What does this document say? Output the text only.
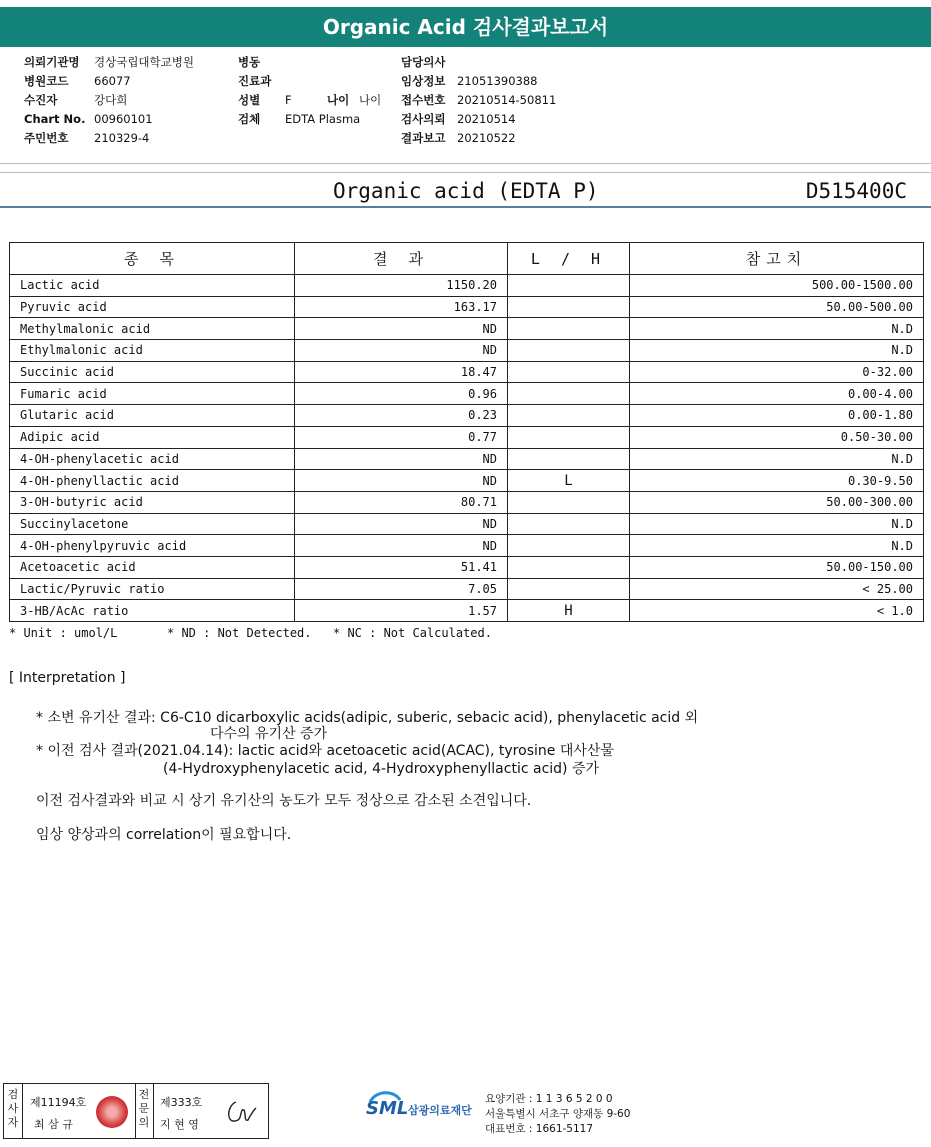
Organic Acid 검사결과보고서
의뢰기관명 경상국립대학교병원
병원코드 66077
수진자	강다희
Chart No. 00960101
주민번호 210329-4
병동
진료과
성별 F	나이 나이
검체 EDTA Plasma
담당의사
임상정보 21051390388
접수번호 20210514-50811
검사의뢰 20210514
결과보고 20210522
Organic acid (EDTA P)	D515400C
종 목	결 과	L / H	참고치
Lactic acid	1150.20		500.00-1500.00
Pyruvic acid	163.17		50.00-500.00
Methylmalonic acid	ND		N.D
Ethylmalonic acid	ND		N.D
Succinic acid	18.47		0-32.00
Fumaric acid	0.96		0.00-4.00
Glutaric acid	0.23		0.00-1.80
Adipic acid	0.77		0.50-30.00
4-OH-phenylacetic acid	ND		N.D
4-OH-phenyllactic acid	ND	L	0.30-9.50
3-OH-butyric acid	80.71		50.00-300.00
Succinylacetone	ND		N.D
4-OH-phenylpyruvic acid	ND		N.D
Acetoacetic acid	51.41		50.00-150.00
Lactic/Pyruvic ratio	7.05		< 25.00
3-HB/AcAc ratio	1.57	H	< 1.0
* Unit : umol/L	* ND : Not Detected. * NC : Not Calculated.
[ Interpretation ]
* 소변 유기산 결과: C6-C10 dicarboxylic acids(adipic, suberic, sebacic acid), phenylacetic acid 외
다수의 유기산 증가
* 이전 검사 결과(2021.04.14): lactic acid와 acetoacetic acid(ACAC), tyrosine 대사산물
(4-Hydroxyphenylacetic acid, 4-Hydroxyphenyllactic acid) 증가
이전 검사결과와 비교 시 상기 유기산의 농도가 모두 정상으로 감소된 소견입니다.
임상 양상과의 correlation이 필요합니다.
검사자
제11194호
최 삼 규
전문의
제333호
지 현 영
SML 삼광의료재단
요양기관 : 1 1 3 6 5 2 0 0
서울특별시 서초구 양재동 9-60
대표번호 : 1661-5117
